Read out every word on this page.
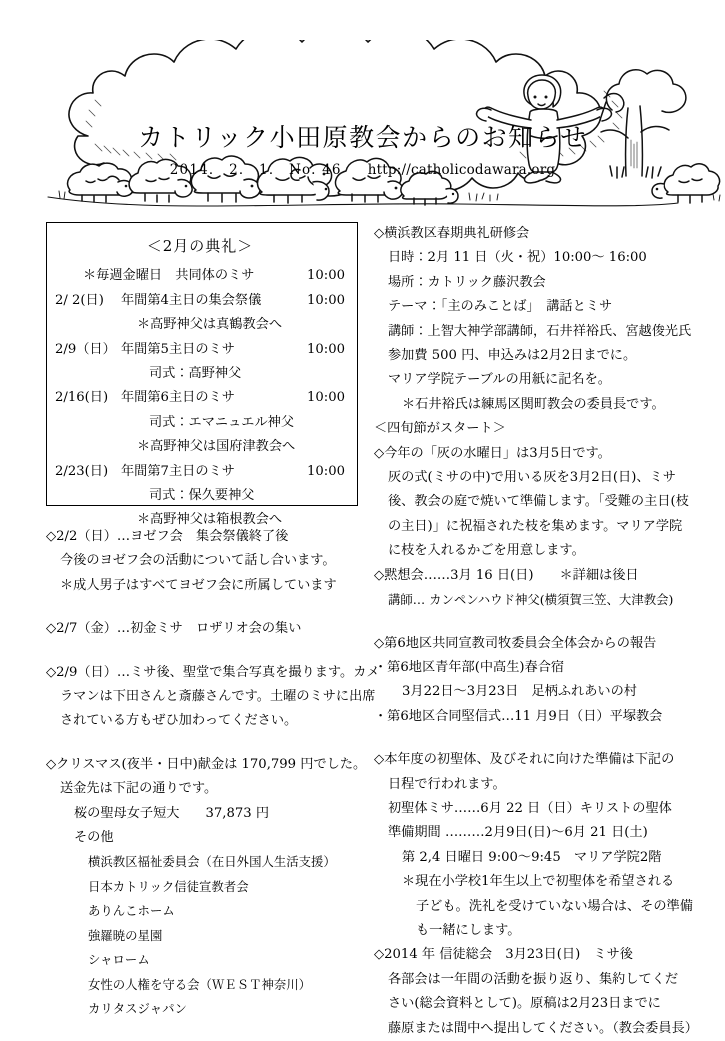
カトリック小田原教会からのお知らせ
2014． 2． 1． No. 46 http://catholicodawara.org
＜2月の典礼＞
＊毎週金曜日　共同体のミサ	10:00
2/ 2(日) 年間第4主日の集会祭儀	10:00
＊高野神父は真鶴教会へ
2/9（日） 年間第5主日のミサ	10:00
司式：高野神父
2/16(日) 年間第6主日のミサ	10:00
司式：エマニュエル神父
＊高野神父は国府津教会へ
2/23(日) 年間第7主日のミサ	10:00
司式：保久要神父
＊高野神父は箱根教会へ
◇2/2（日）…ヨゼフ会　集会祭儀終了後
今後のヨゼフ会の活動について話し合います。
＊成人男子はすべてヨゼフ会に所属しています
◇2/7（金）…初金ミサ　ロザリオ会の集い
◇2/9（日）…ミサ後、聖堂で集合写真を撮ります。カメ
ラマンは下田さんと斎藤さんです。土曜のミサに出席
されている方もぜひ加わってください。
◇クリスマス(夜半・日中)献金は 170,799 円でした。
送金先は下記の通りです。
桜の聖母女子短大 37,873 円
その他
横浜教区福祉委員会（在日外国人生活支援）
日本カトリック信徒宣教者会
ありんこホーム
強羅暁の星園
シャローム
女性の人権を守る会（ＷＥＳＴ神奈川）
カリタスジャパン
◇横浜教区春期典礼研修会
日時：2月 11 日（火・祝）10:00～ 16:00
場所：カトリック藤沢教会
テーマ：「主のみことば」　講話とミサ
講師：上智大神学部講師，石井祥裕氏、宮越俊光氏
参加費 500 円、申込みは2月2日までに。
マリア学院テーブルの用紙に記名を。
＊石井裕氏は練馬区関町教会の委員長です。
＜四旬節がスタート＞
◇今年の「灰の水曜日」は3月5日です。
灰の式(ミサの中)で用いる灰を3月2日(日)、ミサ
後、教会の庭で焼いて準備します。「受難の主日(枝
の主日)」に祝福された枝を集めます。マリア学院
に枝を入れるかごを用意します。
◇黙想会……3月 16 日(日) ＊詳細は後日
講師… カンペンハウド神父(横須賀三笠、大津教会)
◇第6地区共同宣教司牧委員会全体会からの報告
・第6地区青年部(中高生)春合宿
3月22日～3月23日　足柄ふれあいの村
・第6地区合同堅信式…11 月9日（日）平塚教会
◇本年度の初聖体、及びそれに向けた準備は下記の
日程で行われます。
初聖体ミサ……6月 22 日（日）キリストの聖体
準備期間 ………2月9日(日)～6月 21 日(土)
第 2,4 日曜日 9:00～9:45　マリア学院2階
＊現在小学校1年生以上で初聖体を希望される
子ども。洗礼を受けていない場合は、その準備
も一緒にします。
◇2014 年 信徒総会　3月23日(日)　ミサ後
各部会は一年間の活動を振り返り、集約してくだ
さい(総会資料として)。原稿は2月23日までに
藤原または間中へ提出してください。（教会委員長）
